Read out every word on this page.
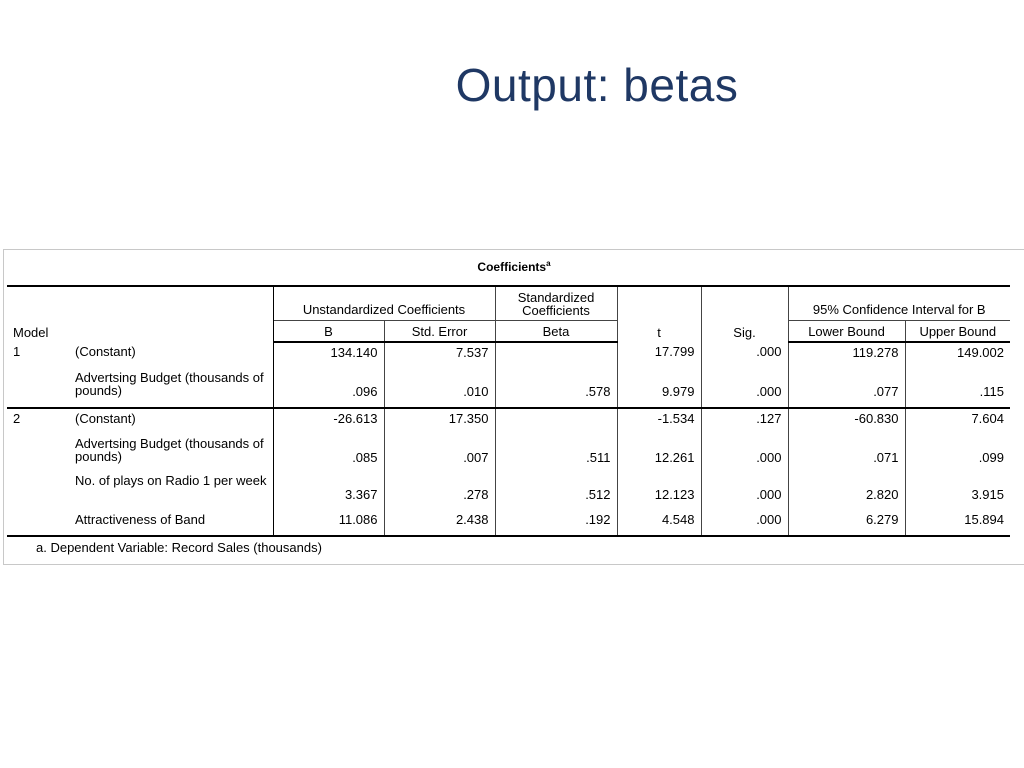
Output: betas
Coefficients$^a$
Model		Unstandardized Coefficients		Standardized Coefficients	t	Sig.	95% Confidence Interval for B	
		B	Std. Error	Beta			Lower Bound	Upper Bound
1	(Constant)	134.140	7.537		17.799	.000	119.278	149.002
	Advertsing Budget (thousands of pounds)	.096	.010	.578	9.979	.000	.077	.115
2	(Constant)	-26.613	17.350		-1.534	.127	-60.830	7.604
	Advertsing Budget (thousands of pounds)	.085	.007	.511	12.261	.000	.071	.099
	No. of plays on Radio 1 per week	3.367	.278	.512	12.123	.000	2.820	3.915
	Attractiveness of Band	11.086	2.438	.192	4.548	.000	6.279	15.894
a. Dependent Variable: Record Sales (thousands)
